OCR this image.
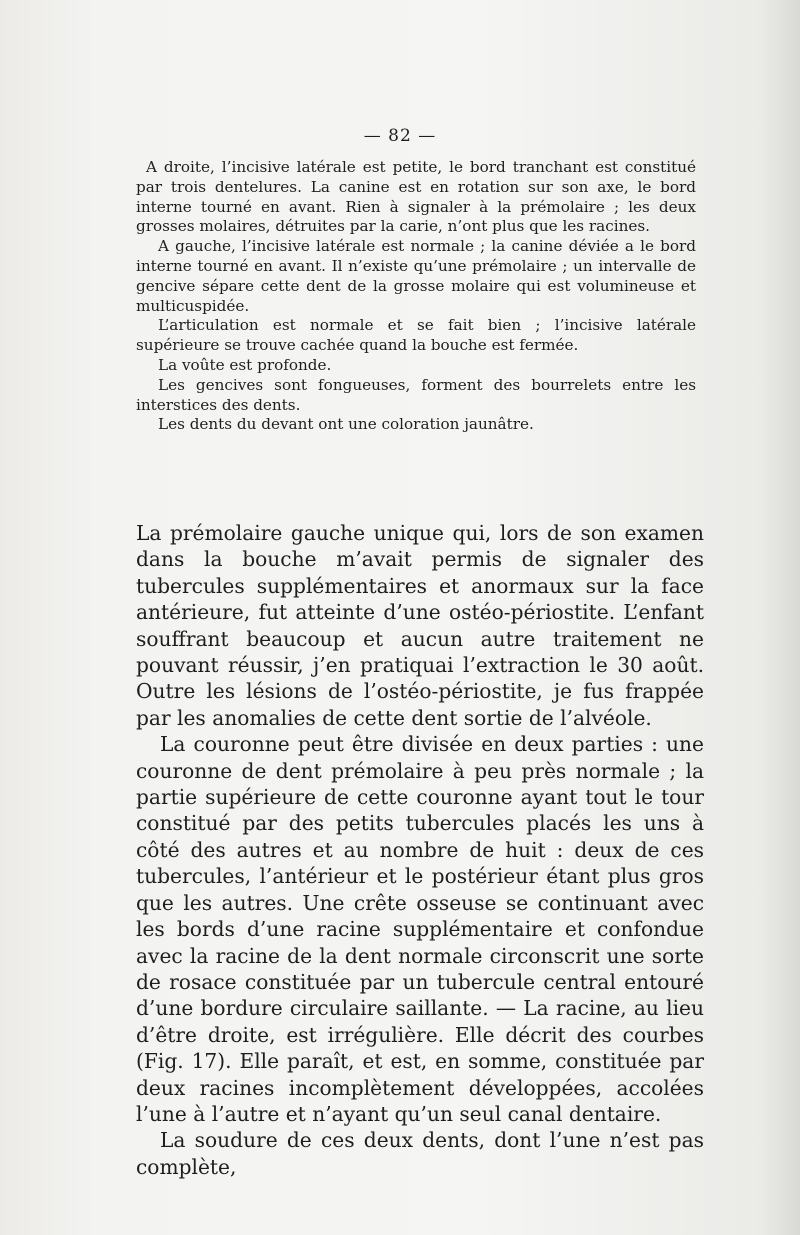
— 82 —

A droite, l’incisive latérale est petite, le bord tranchant est constitué par trois dentelures. La canine est en rotation sur son axe, le bord interne tourné en avant. Rien à signaler à la prémolaire ; les deux grosses molaires, détruites par la carie, n’ont plus que les racines.

A gauche, l’incisive latérale est normale ; la canine déviée a le bord interne tourné en avant. Il n’existe qu’une prémolaire ; un intervalle de gencive sépare cette dent de la grosse molaire qui est volumineuse et multicuspidée.

L’articulation est normale et se fait bien ; l’incisive latérale supérieure se trouve cachée quand la bouche est fermée.

La voûte est profonde.

Les gencives sont fongueuses, forment des bourrelets entre les interstices des dents.

Les dents du devant ont une coloration jaunâtre.

La prémolaire gauche unique qui, lors de son examen dans la bouche m’avait permis de signaler des tubercules supplémentaires et anormaux sur la face antérieure, fut atteinte d’une ostéo-périostite. L’enfant souffrant beaucoup et aucun autre traitement ne pouvant réussir, j’en pratiquai l’extraction le 30 août. Outre les lésions de l’ostéo-périostite, je fus frappée par les anomalies de cette dent sortie de l’alvéole.

La couronne peut être divisée en deux parties : une couronne de dent prémolaire à peu près normale ; la partie supérieure de cette couronne ayant tout le tour constitué par des petits tubercules placés les uns à côté des autres et au nombre de huit : deux de ces tubercules, l’antérieur et le postérieur étant plus gros que les autres. Une crête osseuse se continuant avec les bords d’une racine supplémentaire et confondue avec la racine de la dent normale circonscrit une sorte de rosace constituée par un tubercule central entouré d’une bordure circulaire saillante. — La racine, au lieu d’être droite, est irrégulière. Elle décrit des courbes (Fig. 17). Elle paraît, et est, en somme, constituée par deux racines incomplètement développées, accolées l’une à l’autre et n’ayant qu’un seul canal dentaire.

La soudure de ces deux dents, dont l’une n’est pas complète,
